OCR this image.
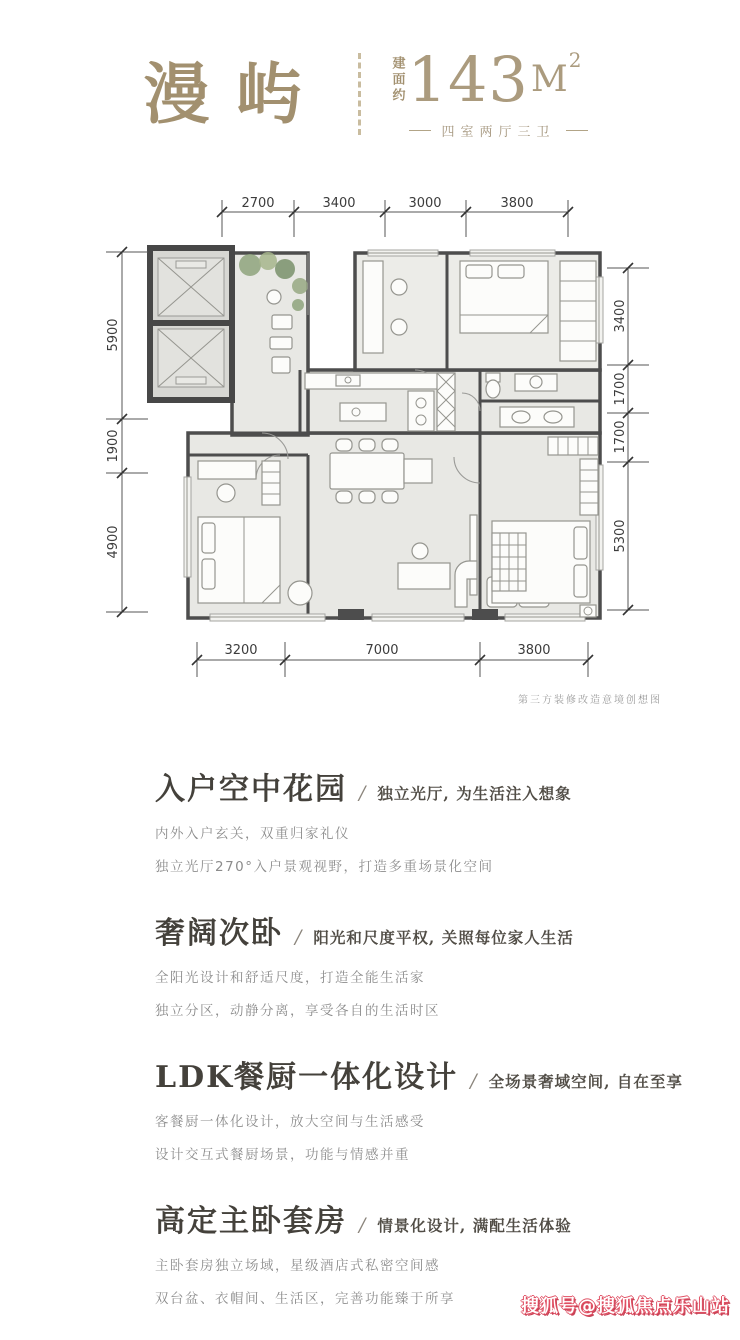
漫屿	建面约 143 $M^2$
四室两厅三卫
2700	3400	3000	3800
5900
1900
4900
3400
1700
1700
5300
3200	7000	3800
第三方装修改造意境创想图
入户空中花园 / 独立光厅, 为生活注入想象

内外入户玄关，双重归家礼仪

独立光厅270°入户景观视野，打造多重场景化空间

奢阔次卧 / 阳光和尺度平权, 关照每位家人生活

全阳光设计和舒适尺度，打造全能生活家

独立分区，动静分离，享受各自的生活时区

LDK餐厨一体化设计 / 全场景奢域空间, 自在至享

客餐厨一体化设计，放大空间与生活感受

设计交互式餐厨场景，功能与情感并重

高定主卧套房 / 情景化设计, 满配生活体验

主卧套房独立场域，星级酒店式私密空间感

双台盆、衣帽间、生活区，完善功能臻于所享	搜狐号@搜狐焦点乐山站
